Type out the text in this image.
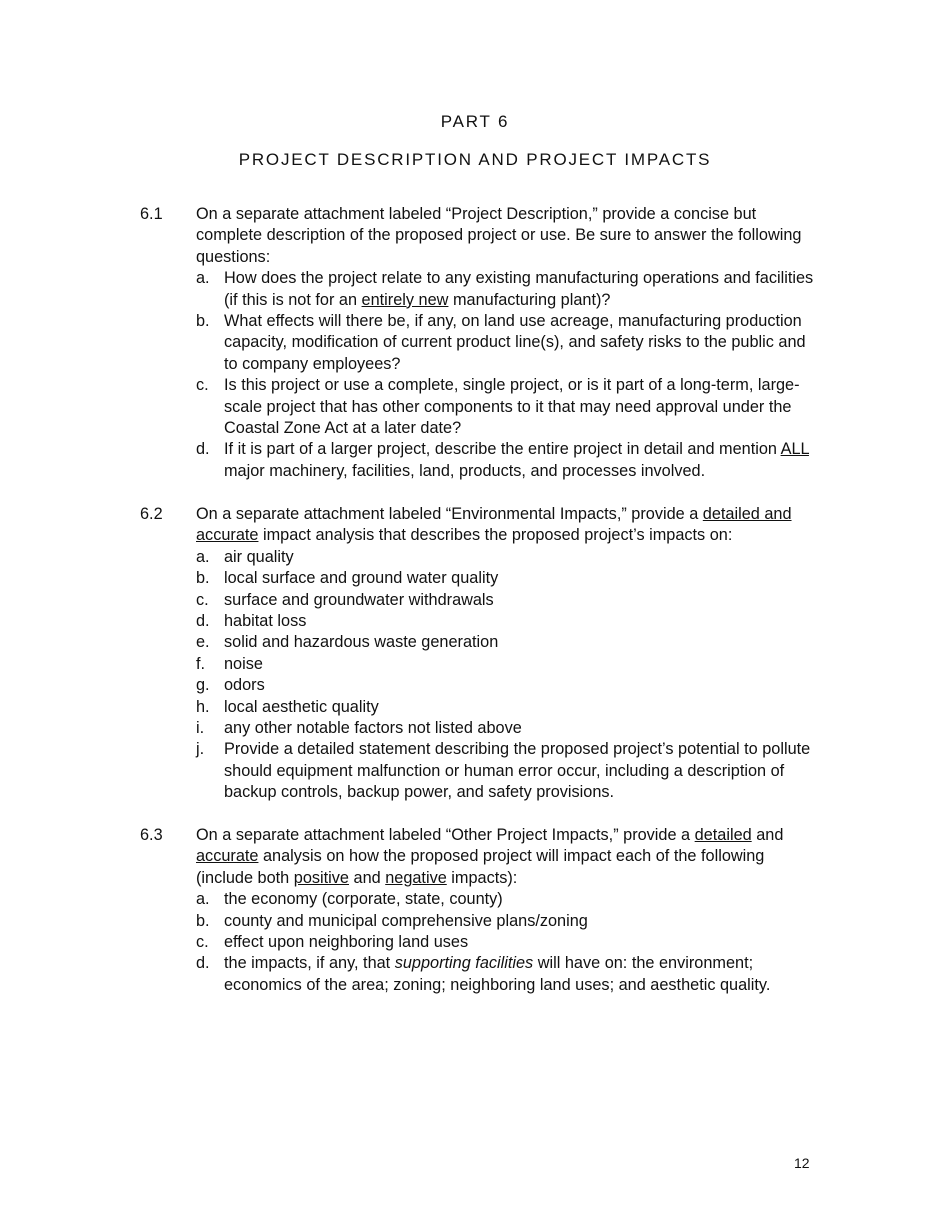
PART 6
PROJECT DESCRIPTION AND PROJECT IMPACTS
6.1 On a separate attachment labeled “Project Description,” provide a concise but complete description of the proposed project or use. Be sure to answer the following questions:
a. How does the project relate to any existing manufacturing operations and facilities (if this is not for an entirely new manufacturing plant)?
b. What effects will there be, if any, on land use acreage, manufacturing production capacity, modification of current product line(s), and safety risks to the public and to company employees?
c. Is this project or use a complete, single project, or is it part of a long-term, large-scale project that has other components to it that may need approval under the Coastal Zone Act at a later date?
d. If it is part of a larger project, describe the entire project in detail and mention ALL major machinery, facilities, land, products, and processes involved.
6.2 On a separate attachment labeled “Environmental Impacts,” provide a detailed and accurate impact analysis that describes the proposed project’s impacts on:
a. air quality
b. local surface and ground water quality
c. surface and groundwater withdrawals
d. habitat loss
e. solid and hazardous waste generation
f. noise
g. odors
h. local aesthetic quality
i. any other notable factors not listed above
j. Provide a detailed statement describing the proposed project’s potential to pollute should equipment malfunction or human error occur, including a description of backup controls, backup power, and safety provisions.
6.3 On a separate attachment labeled “Other Project Impacts,” provide a detailed and accurate analysis on how the proposed project will impact each of the following (include both positive and negative impacts):
a. the economy (corporate, state, county)
b. county and municipal comprehensive plans/zoning
c. effect upon neighboring land uses
d. the impacts, if any, that supporting facilities will have on: the environment; economics of the area; zoning; neighboring land uses; and aesthetic quality.
12
